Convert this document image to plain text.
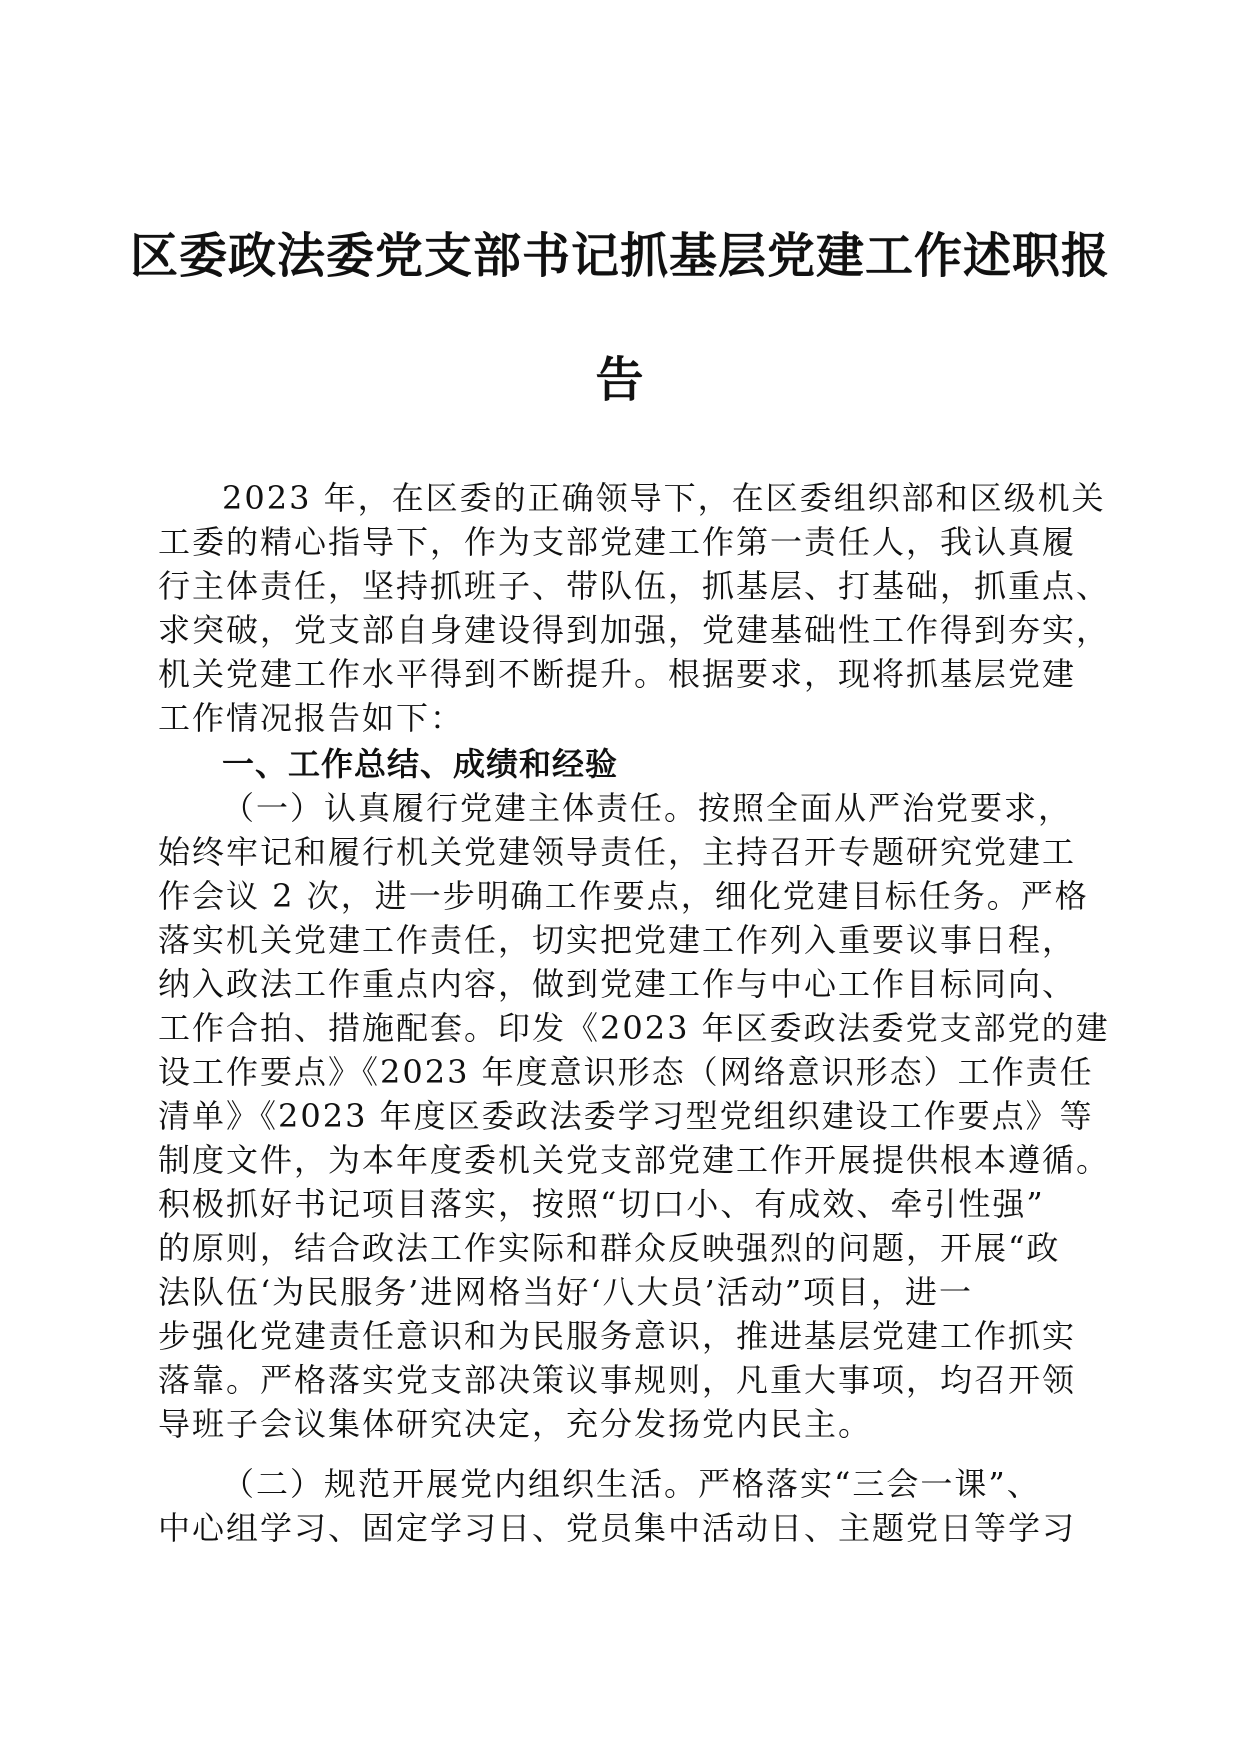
区委政法委党支部书记抓基层党建工作述职报
告
2023 年，在区委的正确领导下，在区委组织部和区级机关
工委的精心指导下，作为支部党建工作第一责任人，我认真履
行主体责任，坚持抓班子、带队伍，抓基层、打基础，抓重点、
求突破，党支部自身建设得到加强，党建基础性工作得到夯实，
机关党建工作水平得到不断提升。根据要求，现将抓基层党建
工作情况报告如下：
一、工作总结、成绩和经验
（一）认真履行党建主体责任。按照全面从严治党要求，
始终牢记和履行机关党建领导责任，主持召开专题研究党建工
作会议 2 次，进一步明确工作要点，细化党建目标任务。严格
落实机关党建工作责任，切实把党建工作列入重要议事日程，
纳入政法工作重点内容，做到党建工作与中心工作目标同向、
工作合拍、措施配套。印发《2023 年区委政法委党支部党的建
设工作要点》《2023 年度意识形态（网络意识形态）工作责任
清单》《2023 年度区委政法委学习型党组织建设工作要点》等
制度文件，为本年度委机关党支部党建工作开展提供根本遵循。
积极抓好书记项目落实，按照“切口小、有成效、牵引性强”
的原则，结合政法工作实际和群众反映强烈的问题，开展“政
法队伍‘为民服务’进网格当好‘八大员’活动”项目，进一
步强化党建责任意识和为民服务意识，推进基层党建工作抓实
落靠。严格落实党支部决策议事规则，凡重大事项，均召开领
导班子会议集体研究决定，充分发扬党内民主。
（二）规范开展党内组织生活。严格落实“三会一课”、
中心组学习、固定学习日、党员集中活动日、主题党日等学习
